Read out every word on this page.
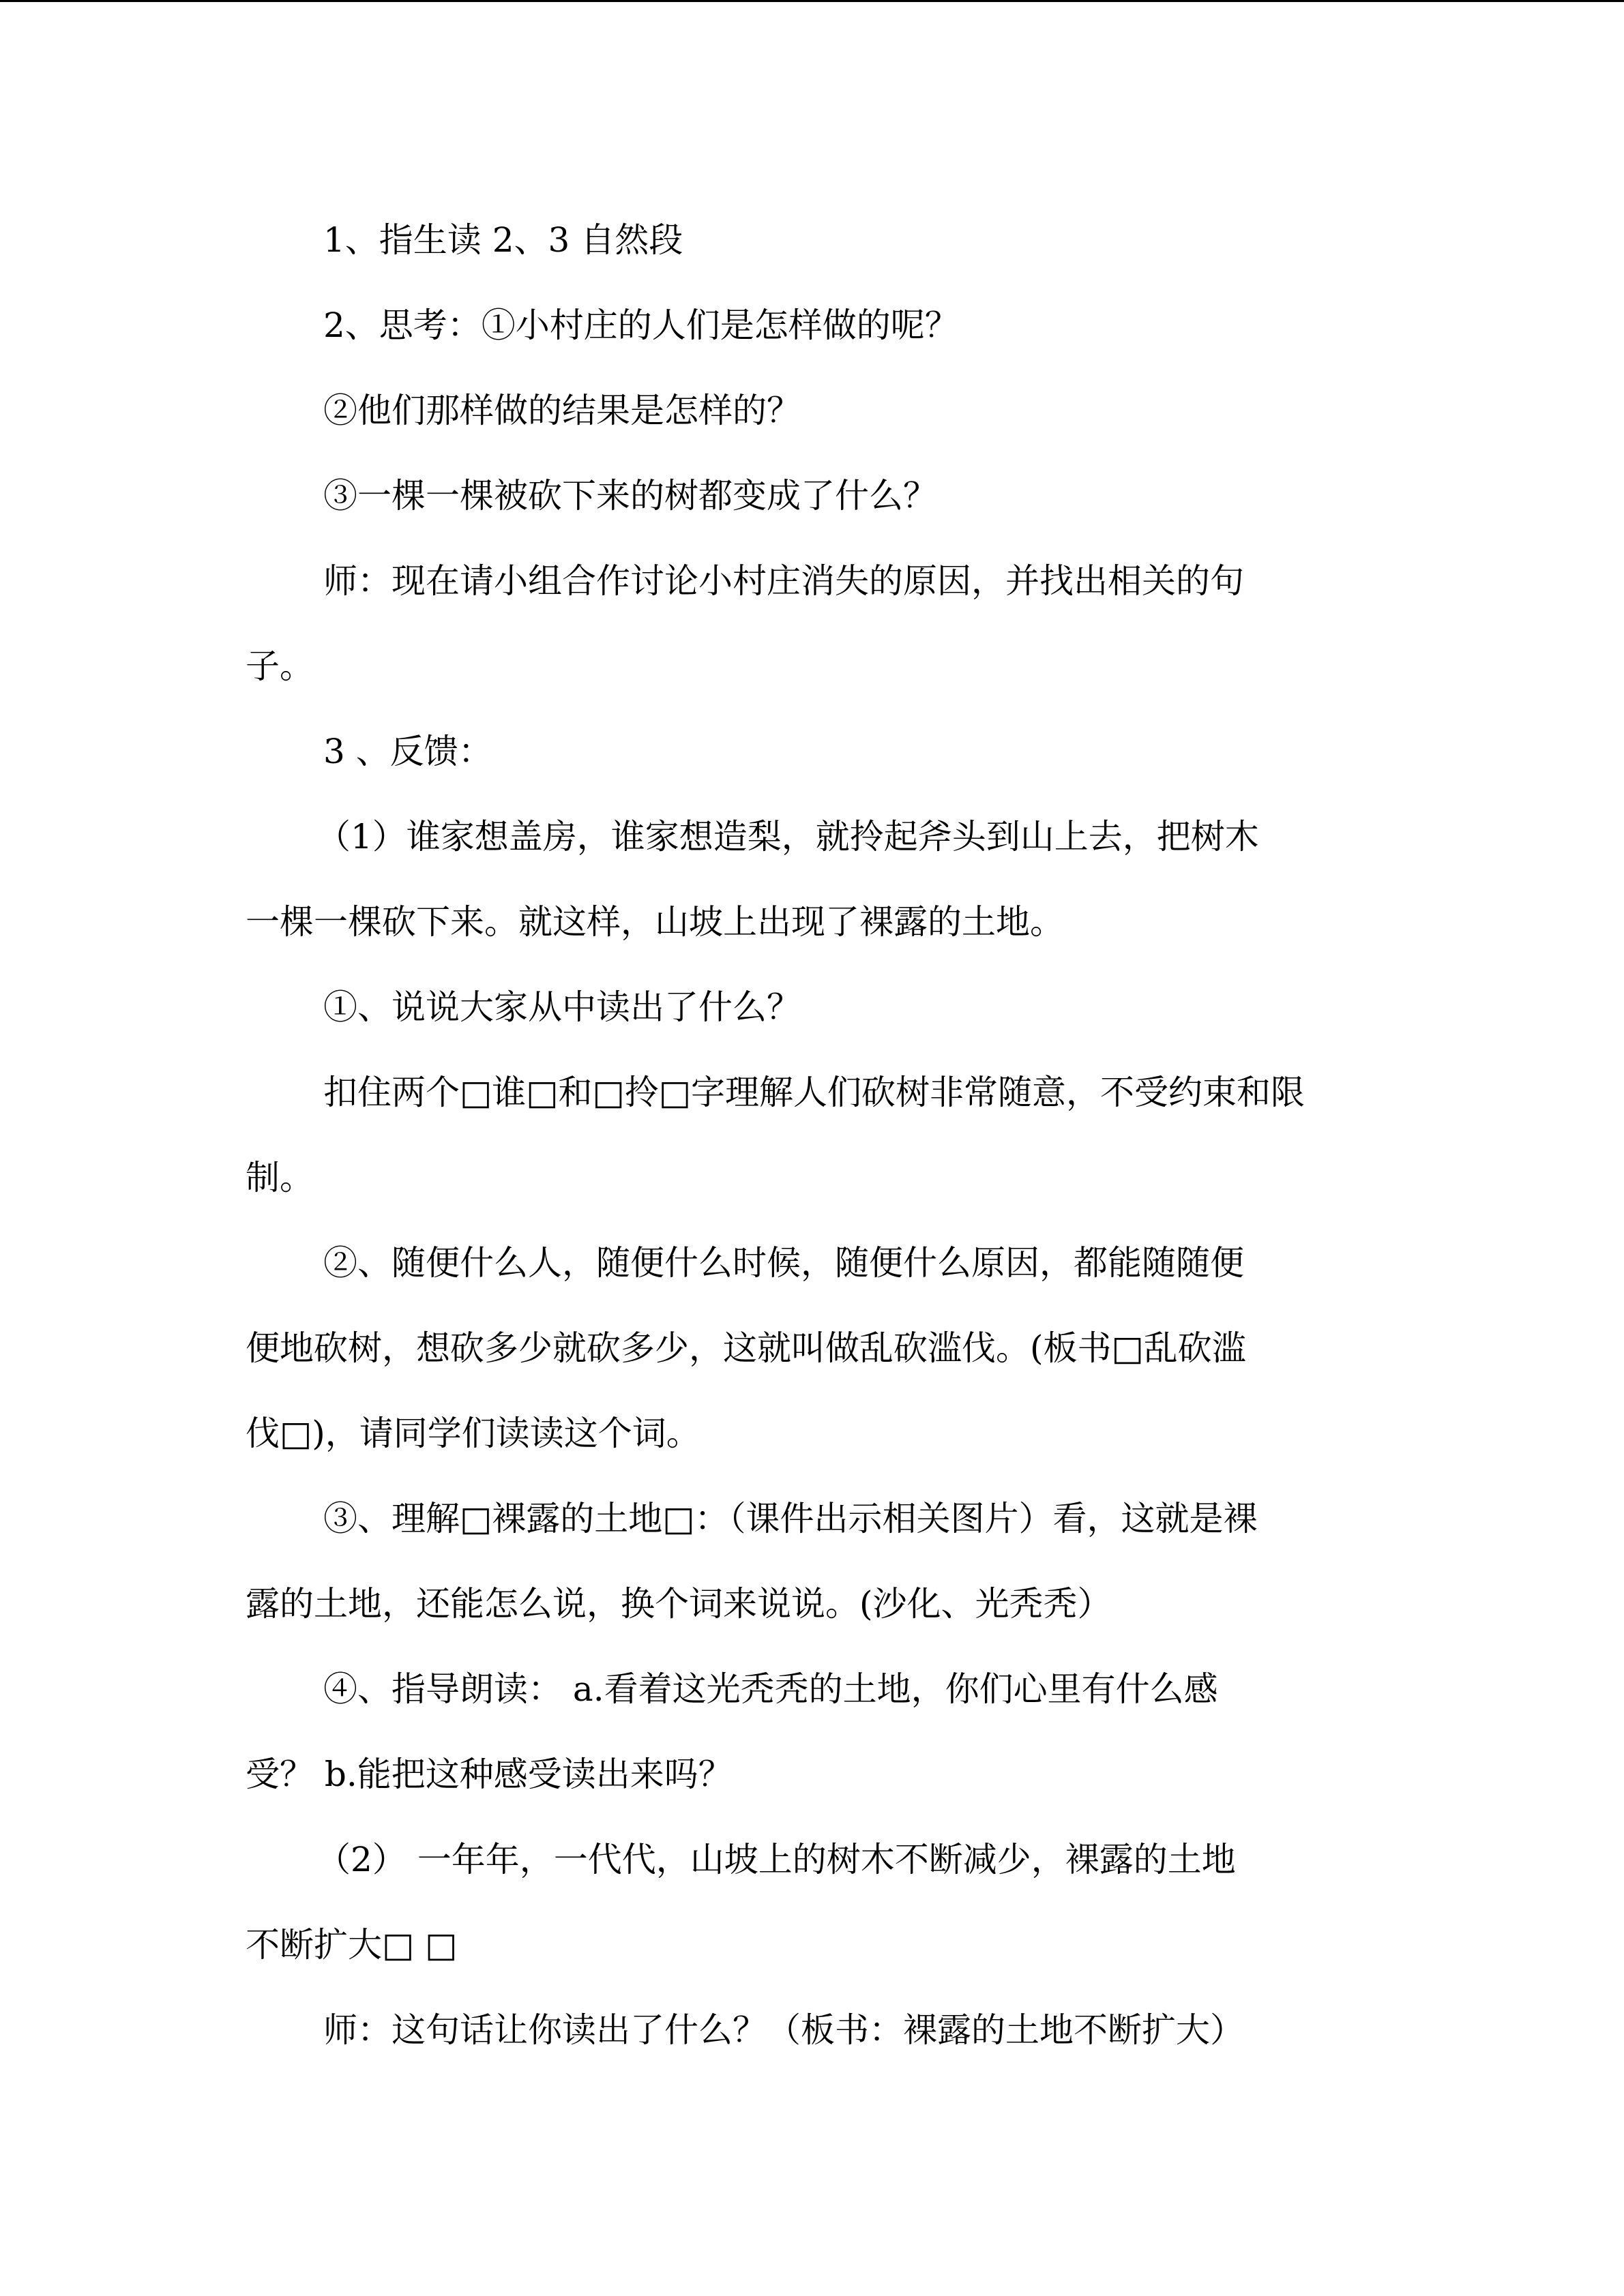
1、指生读 2、3 自然段
2、思考：①小村庄的人们是怎样做的呢？
②他们那样做的结果是怎样的？
③一棵一棵被砍下来的树都变成了什么？
师：现在请小组合作讨论小村庄消失的原因，并找出相关的句
子。
3 、反馈：
（1）谁家想盖房，谁家想造梨，就拎起斧头到山上去，把树木
一棵一棵砍下来。就这样，山坡上出现了裸露的土地。
①、说说大家从中读出了什么？
扣住两个□谁□和□拎□字理解人们砍树非常随意，不受约束和限
制。
②、随便什么人，随便什么时候，随便什么原因，都能随随便
便地砍树，想砍多少就砍多少，这就叫做乱砍滥伐。(板书□乱砍滥
伐□)，请同学们读读这个词。
③、理解□裸露的土地□：（课件出示相关图片）看，这就是裸
露的土地，还能怎么说，换个词来说说。(沙化、光秃秃）
④、指导朗读： a.看着这光秃秃的土地，你们心里有什么感
受？ b.能把这种感受读出来吗？
（2） 一年年，一代代，山坡上的树木不断减少，裸露的土地
不断扩大□ □
师：这句话让你读出了什么？（板书：裸露的土地不断扩大）
